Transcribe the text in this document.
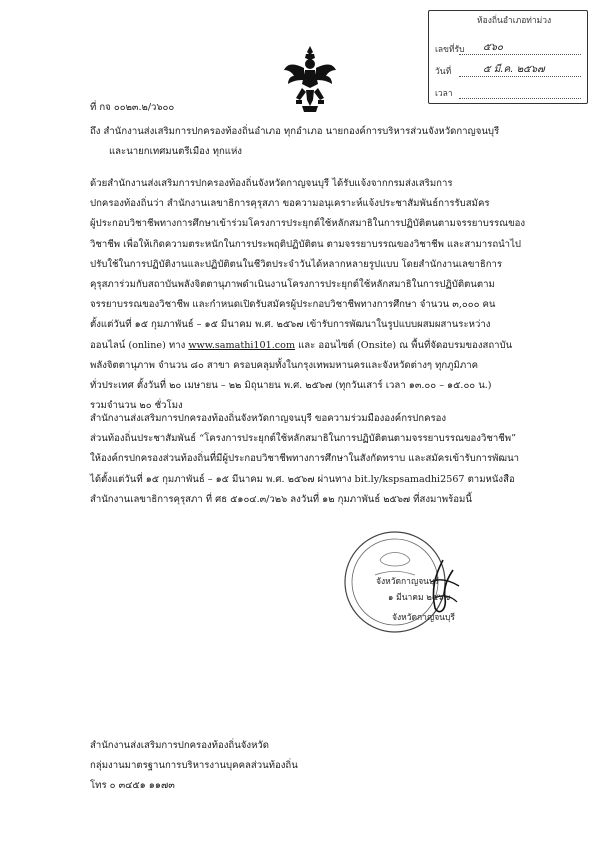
ห้องถิ่นอำเภอท่าม่วง
เลขที่รับ ๕๖๐
วันที่	๕ มี.ค. ๒๕๖๗
เวลา
ที่ กจ ๐๐๒๓.๒/ว๖๐๐
ถึง สำนักงานส่งเสริมการปกครองท้องถิ่นอำเภอ ทุกอำเภอ นายกองค์การบริหารส่วนจังหวัดกาญจนบุรี
และนายกเทศมนตรีเมือง ทุกแห่ง
ด้วยสำนักงานส่งเสริมการปกครองท้องถิ่นจังหวัดกาญจนบุรี ได้รับแจ้งจากกรมส่งเสริมการ
ปกครองท้องถิ่นว่า สำนักงานเลขาธิการคุรุสภา ขอความอนุเคราะห์แจ้งประชาสัมพันธ์การรับสมัคร
ผู้ประกอบวิชาชีพทางการศึกษาเข้าร่วมโครงการประยุกต์ใช้หลักสมาธิในการปฏิบัติตนตามจรรยาบรรณของ
วิชาชีพ เพื่อให้เกิดความตระหนักในการประพฤติปฏิบัติตน ตามจรรยาบรรณของวิชาชีพ และสามารถนำไป
ปรับใช้ในการปฏิบัติงานและปฏิบัติตนในชีวิตประจำวันได้หลากหลายรูปแบบ โดยสำนักงานเลขาธิการ
คุรุสภาร่วมกับสถาบันพลังจิตตานุภาพดำเนินงานโครงการประยุกต์ใช้หลักสมาธิในการปฏิบัติตนตาม
จรรยาบรรณของวิชาชีพ และกำหนดเปิดรับสมัครผู้ประกอบวิชาชีพทางการศึกษา จำนวน ๓,๐๐๐ คน
ตั้งแต่วันที่ ๑๕ กุมภาพันธ์ – ๑๕ มีนาคม พ.ศ. ๒๕๖๗ เข้ารับการพัฒนาในรูปแบบผสมผสานระหว่าง
ออนไลน์ (online) ทาง www.samathi101.com และ ออนไซต์ (Onsite) ณ พื้นที่จัดอบรมของสถาบัน
พลังจิตตานุภาพ จำนวน ๘๐ สาขา ครอบคลุมทั้งในกรุงเทพมหานครและจังหวัดต่างๆ ทุกภูมิภาค
ทั่วประเทศ ตั้งวันที่ ๒๐ เมษายน – ๒๒ มิถุนายน พ.ศ. ๒๕๖๗ (ทุกวันเสาร์ เวลา ๑๓.๐๐ – ๑๕.๐๐ น.)
รวมจำนวน ๒๐ ชั่วโมง
สำนักงานส่งเสริมการปกครองท้องถิ่นจังหวัดกาญจนบุรี ขอความร่วมมืององค์กรปกครอง
ส่วนท้องถิ่นประชาสัมพันธ์ “โครงการประยุกต์ใช้หลักสมาธิในการปฏิบัติตนตามจรรยาบรรณของวิชาชีพ”
ให้องค์กรปกครองส่วนท้องถิ่นที่มีผู้ประกอบวิชาชีพทางการศึกษาในสังกัดทราบ และสมัครเข้ารับการพัฒนา
ได้ตั้งแต่วันที่ ๑๕ กุมภาพันธ์ – ๑๕ มีนาคม พ.ศ. ๒๕๖๗ ผ่านทาง bit.ly/kspsamadhi2567 ตามหนังสือ
สำนักงานเลขาธิการคุรุสภา ที่ ศธ ๕๑๐๔.๓/ว๒๖ ลงวันที่ ๑๒ กุมภาพันธ์ ๒๕๖๗ ที่สงมาพร้อมนี้
จังหวัดกาญจนบุรี
๑ มีนาคม ๒๕๖๗
จังหวัดกาญจนบุรี
สำนักงานส่งเสริมการปกครองท้องถิ่นจังหวัด
กลุ่มงานมาตรฐานการบริหารงานบุคคลส่วนท้องถิ่น
โทร ๐ ๓๔๕๑ ๑๑๗๓
